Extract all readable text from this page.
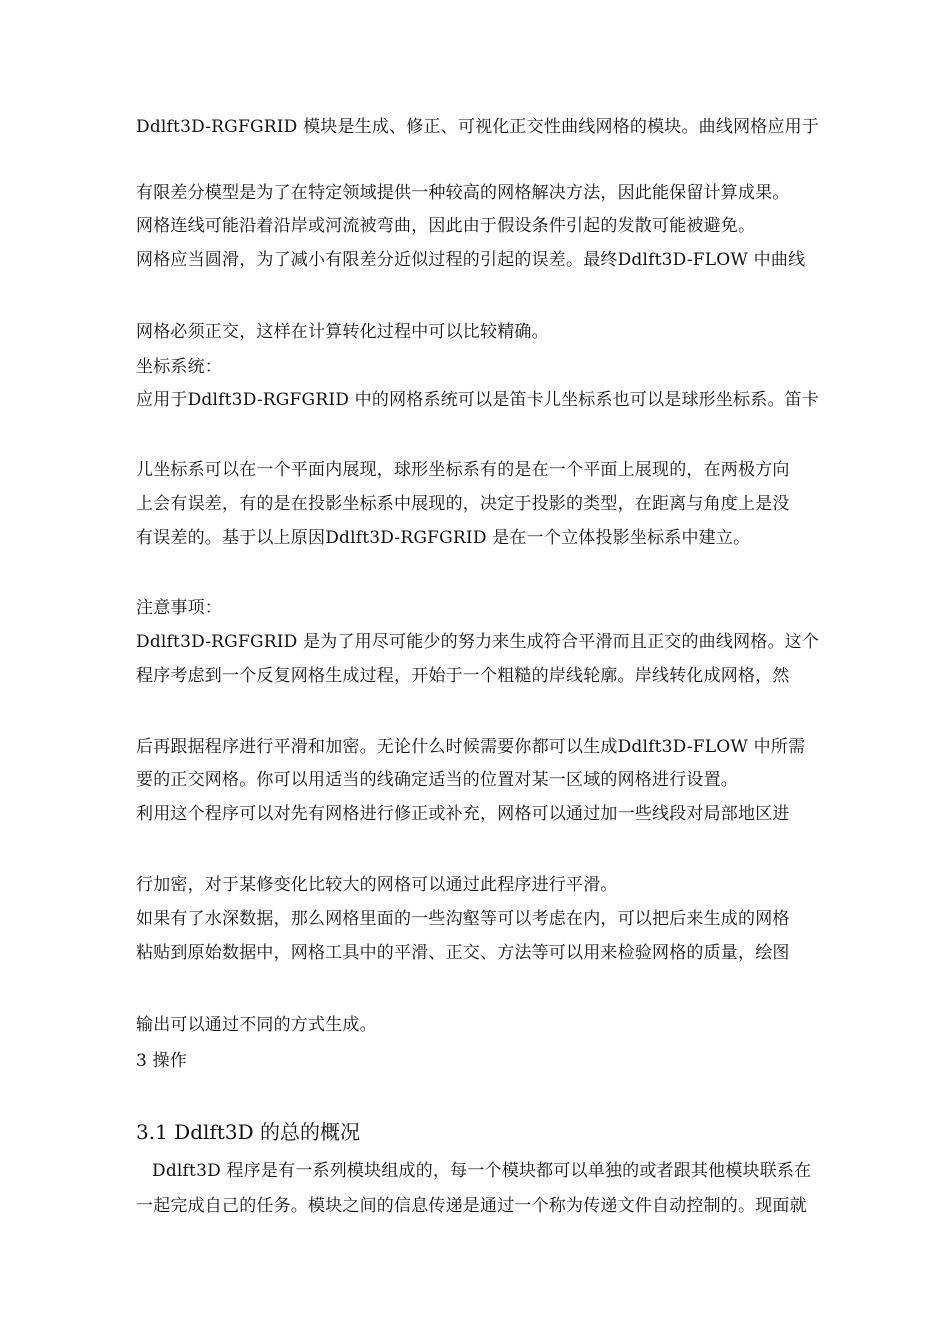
Ddlft3D-RGFGRID 模块是生成、修正、可视化正交性曲线网格的模块。曲线网格应用于
有限差分模型是为了在特定领域提供一种较高的网格解决方法，因此能保留计算成果。
网格连线可能沿着沿岸或河流被弯曲，因此由于假设条件引起的发散可能被避免。
网格应当圆滑，为了减小有限差分近似过程的引起的误差。最终Ddlft3D-FLOW 中曲线
网格必须正交，这样在计算转化过程中可以比较精确。
坐标系统：
应用于Ddlft3D-RGFGRID 中的网格系统可以是笛卡儿坐标系也可以是球形坐标系。笛卡
儿坐标系可以在一个平面内展现，球形坐标系有的是在一个平面上展现的，在两极方向
上会有误差，有的是在投影坐标系中展现的，决定于投影的类型，在距离与角度上是没
有误差的。基于以上原因Ddlft3D-RGFGRID 是在一个立体投影坐标系中建立。
注意事项：
Ddlft3D-RGFGRID 是为了用尽可能少的努力来生成符合平滑而且正交的曲线网格。这个
程序考虑到一个反复网格生成过程，开始于一个粗糙的岸线轮廓。岸线转化成网格，然
后再跟据程序进行平滑和加密。无论什么时候需要你都可以生成Ddlft3D-FLOW 中所需
要的正交网格。你可以用适当的线确定适当的位置对某一区域的网格进行设置。
利用这个程序可以对先有网格进行修正或补充，网格可以通过加一些线段对局部地区进
行加密，对于某修变化比较大的网格可以通过此程序进行平滑。
如果有了水深数据，那么网格里面的一些沟壑等可以考虑在内，可以把后来生成的网格
粘贴到原始数据中，网格工具中的平滑、正交、方法等可以用来检验网格的质量，绘图
输出可以通过不同的方式生成。
3 操作
3.1 Ddlft3D 的总的概况
Ddlft3D 程序是有一系列模块组成的，每一个模块都可以单独的或者跟其他模块联系在
一起完成自己的任务。模块之间的信息传递是通过一个称为传递文件自动控制的。现面就
